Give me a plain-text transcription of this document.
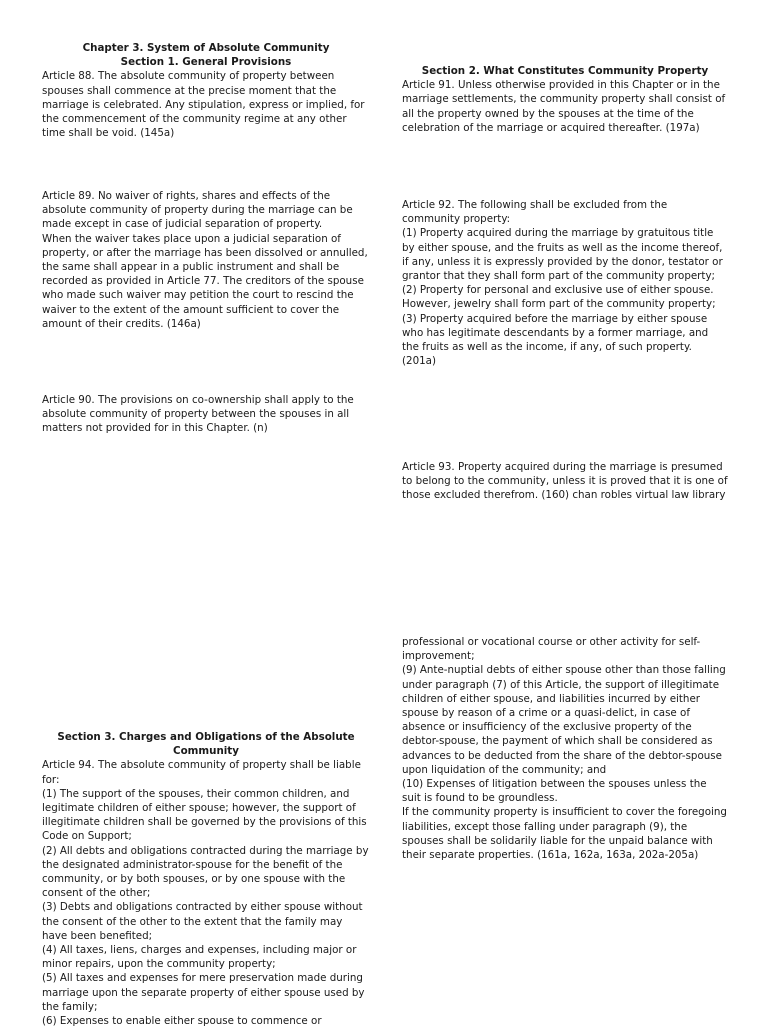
Chapter 3. System of Absolute Community
Section 1. General Provisions
Article 88. The absolute community of property between spouses shall commence at the precise moment that the marriage is celebrated. Any stipulation, express or implied, for the commencement of the community regime at any other time shall be void. (145a)
Article 89. No waiver of rights, shares and effects of the absolute community of property during the marriage can be made except in case of judicial separation of property.
When the waiver takes place upon a judicial separation of property, or after the marriage has been dissolved or annulled, the same shall appear in a public instrument and shall be recorded as provided in Article 77. The creditors of the spouse who made such waiver may petition the court to rescind the waiver to the extent of the amount sufficient to cover the amount of their credits. (146a)
Article 90. The provisions on co-ownership shall apply to the absolute community of property between the spouses in all matters not provided for in this Chapter. (n)
Section 3. Charges and Obligations of the Absolute Community
Article 94. The absolute community of property shall be liable for:
(1) The support of the spouses, their common children, and legitimate children of either spouse; however, the support of illegitimate children shall be governed by the provisions of this Code on Support;
(2) All debts and obligations contracted during the marriage by the designated administrator-spouse for the benefit of the community, or by both spouses, or by one spouse with the consent of the other;
(3) Debts and obligations contracted by either spouse without the consent of the other to the extent that the family may have been benefited;
(4) All taxes, liens, charges and expenses, including major or minor repairs, upon the community property;
(5) All taxes and expenses for mere preservation made during marriage upon the separate property of either spouse used by the family;
(6) Expenses to enable either spouse to commence or
Section 2. What Constitutes Community Property
Article 91. Unless otherwise provided in this Chapter or in the marriage settlements, the community property shall consist of all the property owned by the spouses at the time of the celebration of the marriage or acquired thereafter. (197a)
Article 92. The following shall be excluded from the community property:
(1) Property acquired during the marriage by gratuitous title by either spouse, and the fruits as well as the income thereof, if any, unless it is expressly provided by the donor, testator or grantor that they shall form part of the community property;
(2) Property for personal and exclusive use of either spouse. However, jewelry shall form part of the community property;
(3) Property acquired before the marriage by either spouse who has legitimate descendants by a former marriage, and the fruits as well as the income, if any, of such property. (201a)
Article 93. Property acquired during the marriage is presumed to belong to the community, unless it is proved that it is one of those excluded therefrom. (160) chan robles virtual law library
professional or vocational course or other activity for self-improvement;
(9) Ante-nuptial debts of either spouse other than those falling under paragraph (7) of this Article, the support of illegitimate children of either spouse, and liabilities incurred by either spouse by reason of a crime or a quasi-delict, in case of absence or insufficiency of the exclusive property of the debtor-spouse, the payment of which shall be considered as advances to be deducted from the share of the debtor-spouse upon liquidation of the community; and
(10) Expenses of litigation between the spouses unless the suit is found to be groundless.
If the community property is insufficient to cover the foregoing liabilities, except those falling under paragraph (9), the spouses shall be solidarily liable for the unpaid balance with their separate properties. (161a, 162a, 163a, 202a-205a)
